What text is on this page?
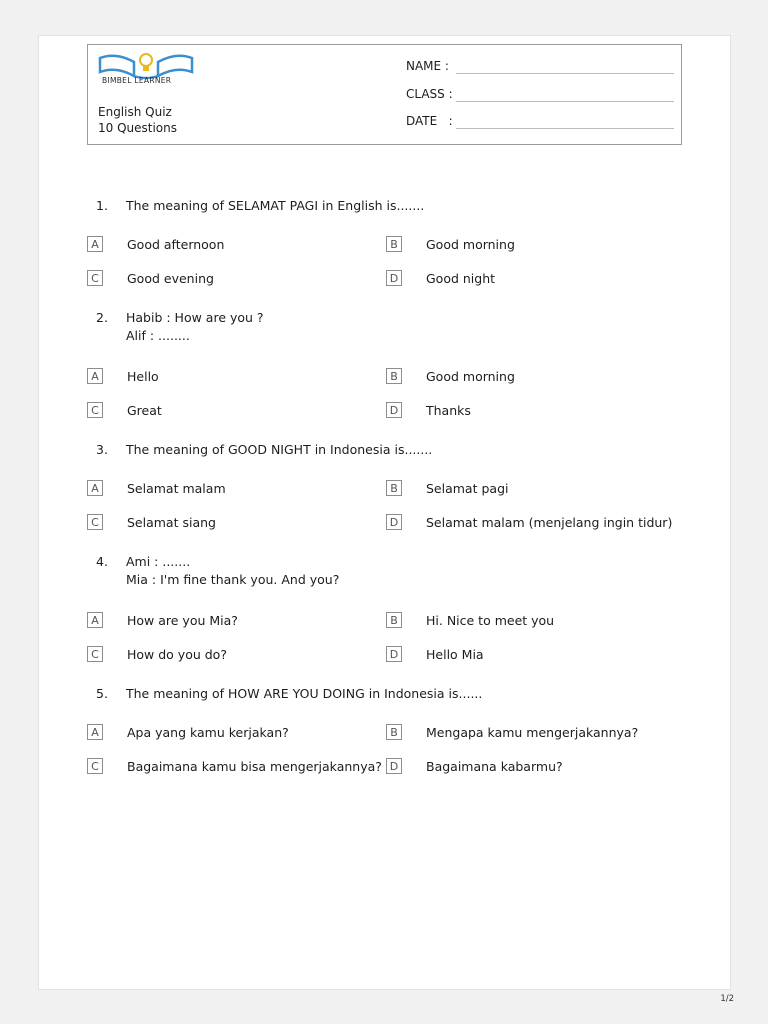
BIMBEL LEARNER
English Quiz
10 Questions
NAME :
CLASS :
DATE   :
1.	The meaning of SELAMAT PAGI in English is.......
A	Good afternoon	B	Good morning
C	Good evening	D	Good night
2.	Habib : How are you ?
Alif : ........
A	Hello	B	Good morning
C	Great	D	Thanks
3.	The meaning of GOOD NIGHT in Indonesia is.......
A	Selamat malam	B	Selamat pagi
C	Selamat siang	D	Selamat malam (menjelang ingin tidur)
4.	Ami : .......
Mia : I'm fine thank you. And you?
A	How are you Mia?	B	Hi. Nice to meet you
C	How do you do?	D	Hello Mia
5.	The meaning of HOW ARE YOU DOING in Indonesia is......
A	Apa yang kamu kerjakan?	B	Mengapa kamu mengerjakannya?
C	Bagaimana kamu bisa mengerjakannya? D	Bagaimana kabarmu?
1/2
